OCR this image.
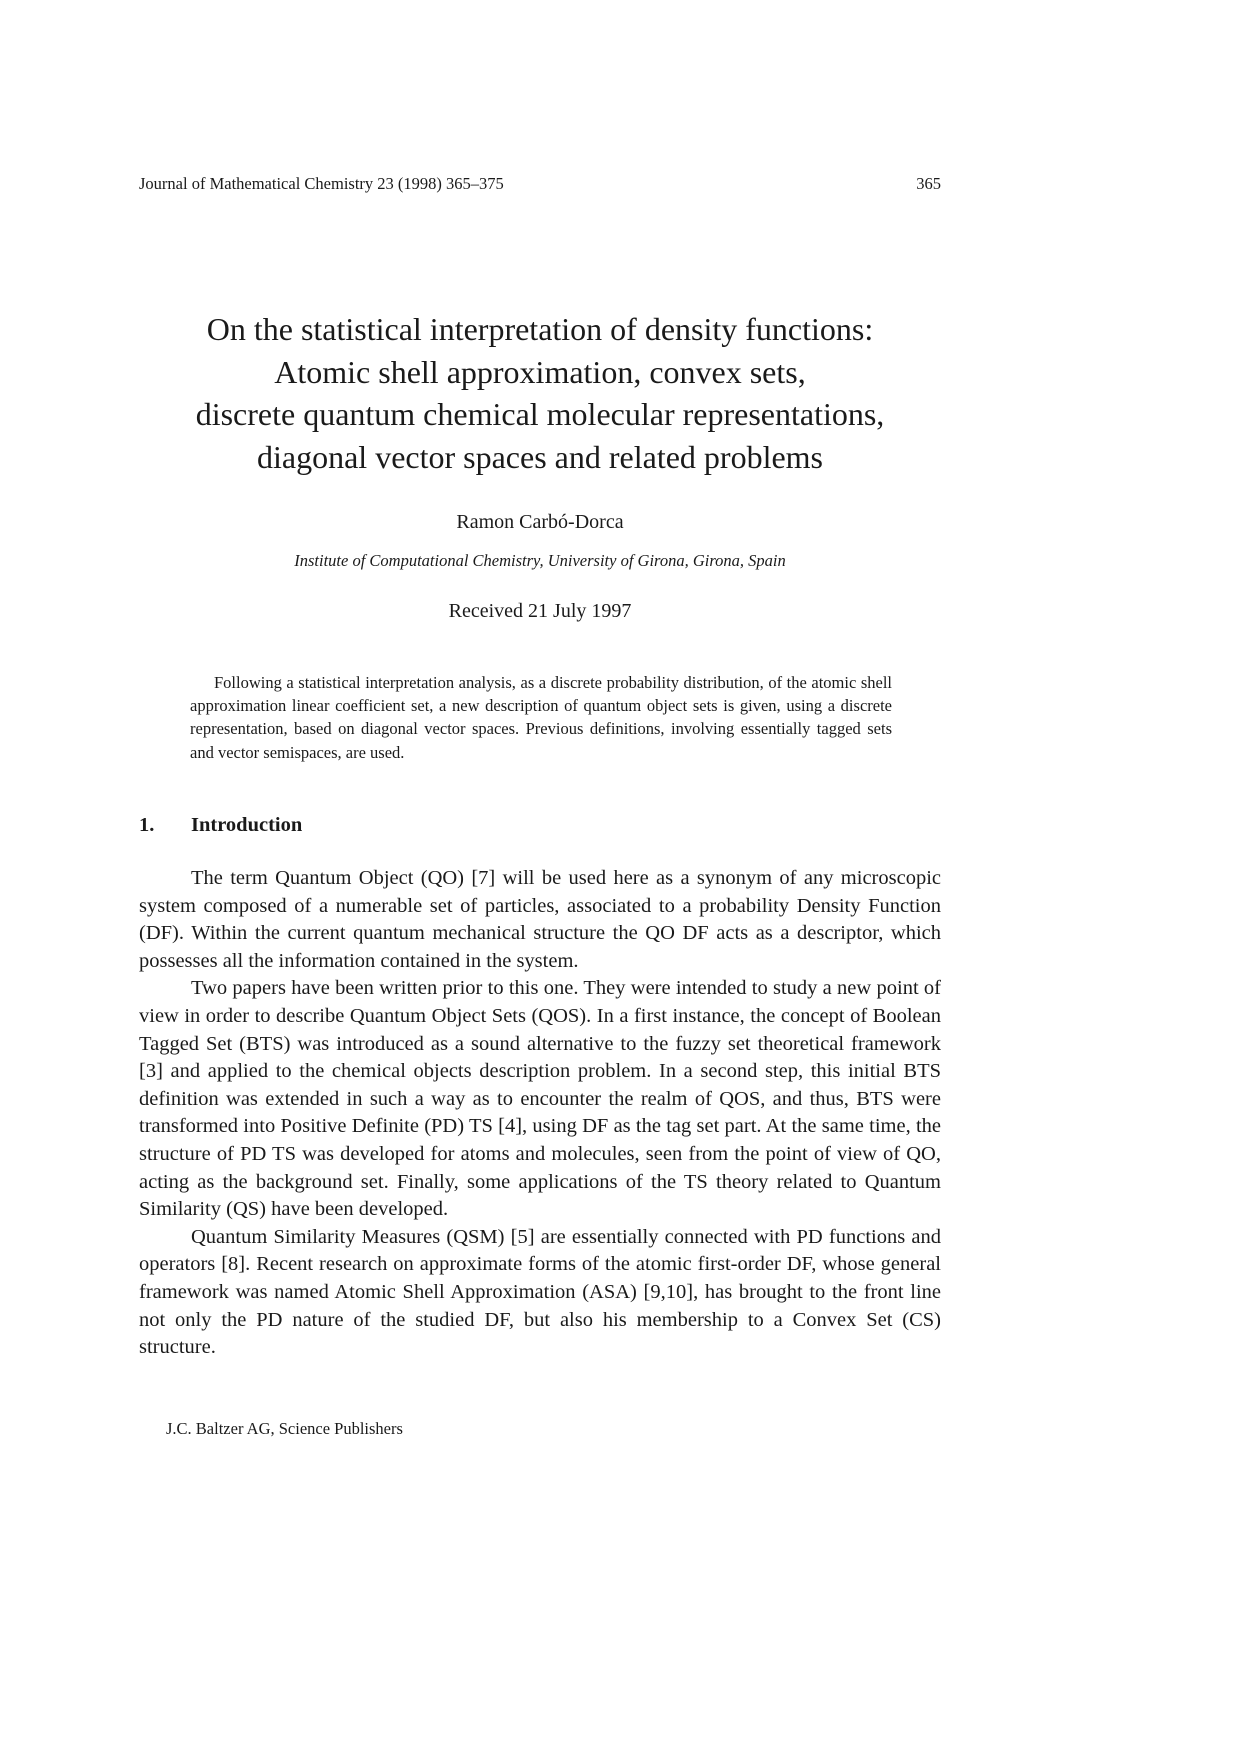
Journal of Mathematical Chemistry 23 (1998) 365–375	365
On the statistical interpretation of density functions:
Atomic shell approximation, convex sets,
discrete quantum chemical molecular representations,
diagonal vector spaces and related problems
Ramon Carbó-Dorca
Institute of Computational Chemistry, University of Girona, Girona, Spain
Received 21 July 1997

Following a statistical interpretation analysis, as a discrete probability distribution, of the atomic shell approximation linear coefficient set, a new description of quantum object sets is given, using a discrete representation, based on diagonal vector spaces. Previous definitions, involving essentially tagged sets and vector semispaces, are used.

1.	Introduction

The term Quantum Object (QO) [7] will be used here as a synonym of any microscopic system composed of a numerable set of particles, associated to a probability Density Function (DF). Within the current quantum mechanical structure the QO DF acts as a descriptor, which possesses all the information contained in the system.

Two papers have been written prior to this one. They were intended to study a new point of view in order to describe Quantum Object Sets (QOS). In a first instance, the concept of Boolean Tagged Set (BTS) was introduced as a sound alternative to the fuzzy set theoretical framework [3] and applied to the chemical objects description problem. In a second step, this initial BTS definition was extended in such a way as to encounter the realm of QOS, and thus, BTS were transformed into Positive Definite (PD) TS [4], using DF as the tag set part. At the same time, the structure of PD TS was developed for atoms and molecules, seen from the point of view of QO, acting as the background set. Finally, some applications of the TS theory related to Quantum Similarity (QS) have been developed.

Quantum Similarity Measures (QSM) [5] are essentially connected with PD functions and operators [8]. Recent research on approximate forms of the atomic first-order DF, whose general framework was named Atomic Shell Approximation (ASA) [9,10], has brought to the front line not only the PD nature of the studied DF, but also his membership to a Convex Set (CS) structure.

J.C. Baltzer AG, Science Publishers
